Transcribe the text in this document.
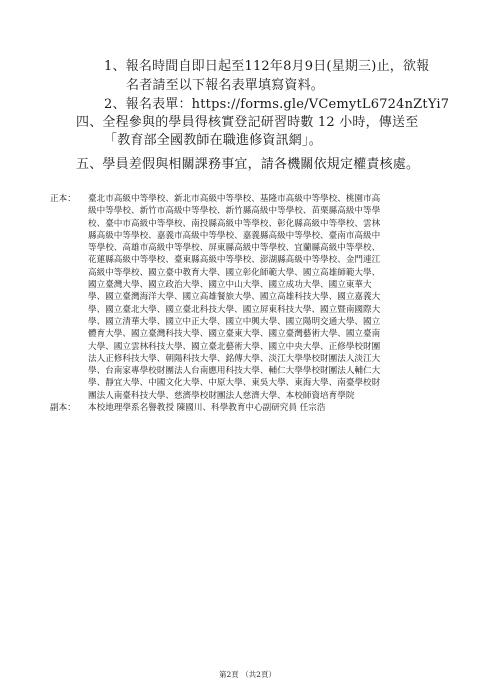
1、報名時間自即日起至112年8月9日(星期三)止，欲報
名者請至以下報名表單填寫資料。
2、報名表單：https://forms.gle/VCemytL6724nZtYi7
四、全程參與的學員得核實登記研習時數 12 小時，傳送至
「教育部全國教師在職進修資訊網」。
五、學員差假與相關課務事宜，請各機關依規定權責核處。
正本：	臺北市高級中等學校、新北市高級中等學校、基隆市高級中等學校、桃園市高
級中等學校、新竹市高級中等學校、新竹縣高級中等學校、苗栗縣高級中等學
校、臺中市高級中等學校、南投縣高級中等學校、彰化縣高級中等學校、雲林
縣高級中等學校、嘉義市高級中等學校、嘉義縣高級中等學校、臺南市高級中
等學校、高雄市高級中等學校、屏東縣高級中等學校、宜蘭縣高級中等學校、
花蓮縣高級中等學校、臺東縣高級中等學校、澎湖縣高級中等學校、金門連江
高級中等學校、國立臺中教育大學、國立彰化師範大學、國立高雄師範大學、
國立臺灣大學、國立政治大學、國立中山大學、國立成功大學、國立東華大
學、國立臺灣海洋大學、國立高雄餐旅大學、國立高雄科技大學、國立嘉義大
學、國立臺北大學、國立臺北科技大學、國立屏東科技大學、國立暨南國際大
學、國立清華大學、國立中正大學、國立中興大學、國立陽明交通大學、國立
體育大學、國立臺灣科技大學、國立臺東大學、國立臺灣藝術大學、國立臺南
大學、國立雲林科技大學、國立臺北藝術大學、國立中央大學、正修學校財團
法人正修科技大學、朝陽科技大學、銘傳大學、淡江大學學校財團法人淡江大
學、台南家專學校財團法人台南應用科技大學、輔仁大學學校財團法人輔仁大
學、靜宜大學、中國文化大學、中原大學、東吳大學、東海大學、南臺學校財
團法人南臺科技大學、慈濟學校財團法人慈濟大學、本校師資培育學院
副本：	本校地理學系名譽教授 陳國川、科學教育中心副研究員 任宗浩
第2頁 （共2頁）
